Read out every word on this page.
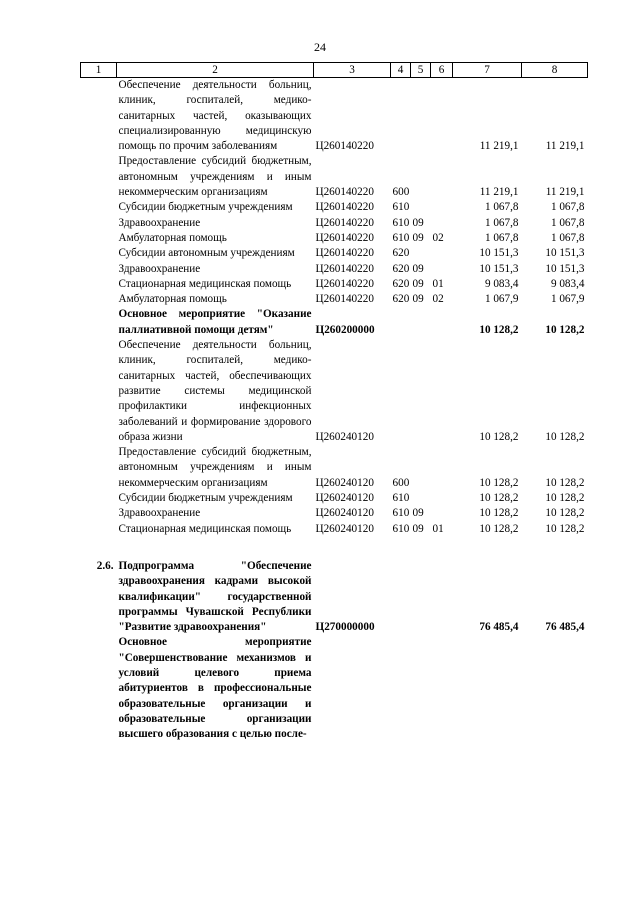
24
1	2	3	4	5	6	7	8
	Обеспечение деятельности больниц, клиник, госпиталей, медико-санитарных частей, оказывающих специализированную медицинскую помощь по прочим заболеваниям	Ц260140220				11 219,1	11 219,1
	Предоставление субсидий бюджетным, автономным учреждениям и иным некоммерческим организациям	Ц260140220	600			11 219,1	11 219,1
	Субсидии бюджетным учреждениям	Ц260140220	610			1 067,8	1 067,8
	Здравоохранение	Ц260140220	610	09		1 067,8	1 067,8
	Амбулаторная помощь	Ц260140220	610	09	02	1 067,8	1 067,8
	Субсидии автономным учреждениям	Ц260140220	620			10 151,3	10 151,3
	Здравоохранение	Ц260140220	620	09		10 151,3	10 151,3
	Стационарная медицинская помощь	Ц260140220	620	09	01	9 083,4	9 083,4
	Амбулаторная помощь	Ц260140220	620	09	02	1 067,9	1 067,9
	Основное мероприятие "Оказание паллиативной помощи детям"	Ц260200000				10 128,2	10 128,2
	Обеспечение деятельности больниц, клиник, госпиталей, медико-санитарных частей, обеспечивающих развитие системы медицинской профилактики инфекционных заболеваний и формирование здорового образа жизни	Ц260240120				10 128,2	10 128,2
	Предоставление субсидий бюджетным, автономным учреждениям и иным некоммерческим организациям	Ц260240120	600			10 128,2	10 128,2
	Субсидии бюджетным учреждениям	Ц260240120	610			10 128,2	10 128,2
	Здравоохранение	Ц260240120	610	09		10 128,2	10 128,2
	Стационарная медицинская помощь	Ц260240120	610	09	01	10 128,2	10 128,2

2.6.	Подпрограмма "Обеспечение здравоохранения кадрами высокой квалификации" государственной программы Чувашской Республики "Развитие здравоохранения"	Ц270000000				76 485,4	76 485,4
	Основное мероприятие "Совершенствование механизмов и условий целевого приема абитуриентов в профессиональные образовательные организации и образовательные организации высшего образования с целью после-						
